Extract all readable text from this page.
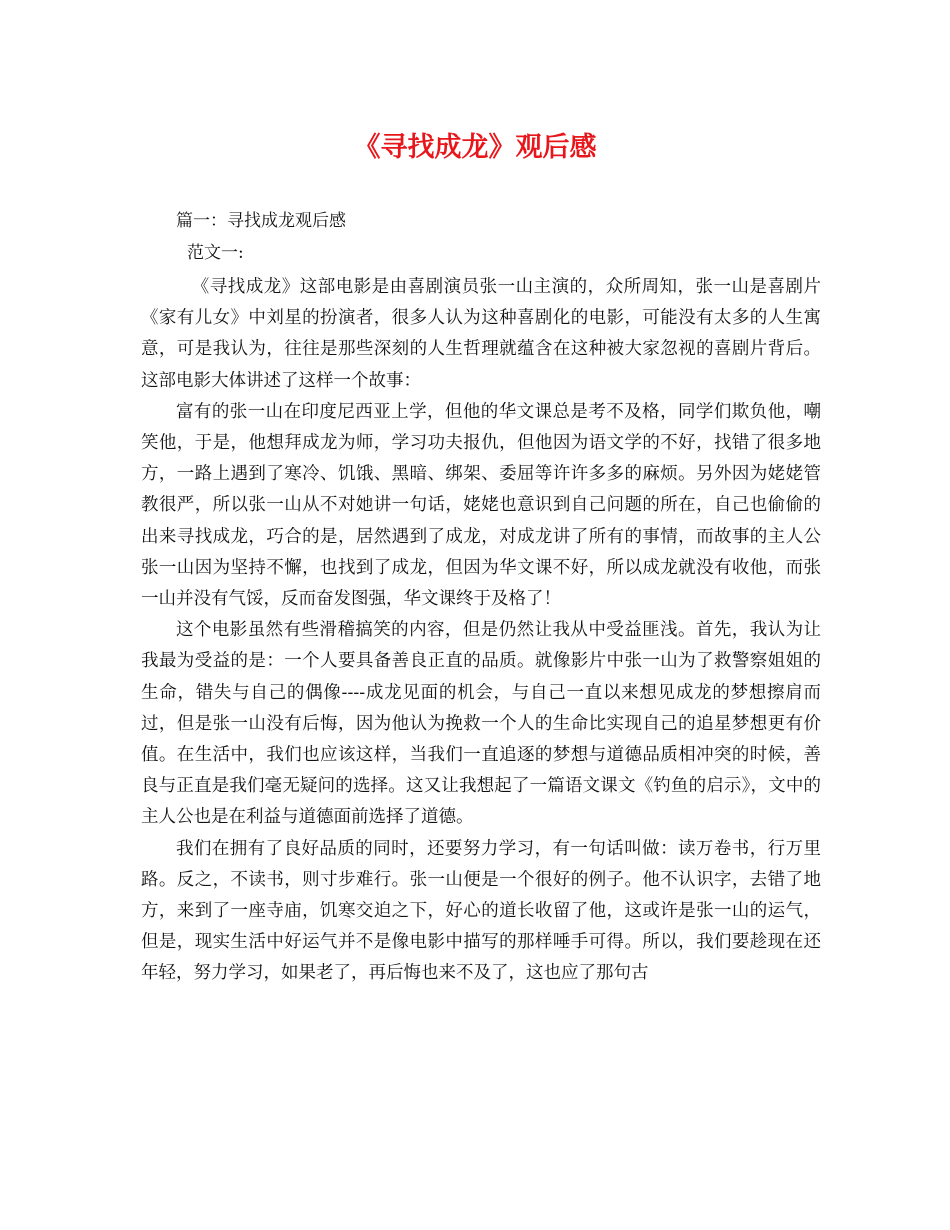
《寻找成龙》观后感
篇一：寻找成龙观后感
范文一:

《寻找成龙》这部电影是由喜剧演员张一山主演的，众所周知，张一山是喜剧片《家有儿女》中刘星的扮演者，很多人认为这种喜剧化的电影，可能没有太多的人生寓意，可是我认为，往往是那些深刻的人生哲理就蕴含在这种被大家忽视的喜剧片背后。这部电影大体讲述了这样一个故事：

富有的张一山在印度尼西亚上学，但他的华文课总是考不及格，同学们欺负他，嘲笑他，于是，他想拜成龙为师，学习功夫报仇，但他因为语文学的不好，找错了很多地方，一路上遇到了寒冷、饥饿、黑暗、绑架、委屈等许许多多的麻烦。另外因为姥姥管教很严，所以张一山从不对她讲一句话，姥姥也意识到自己问题的所在，自己也偷偷的出来寻找成龙，巧合的是，居然遇到了成龙，对成龙讲了所有的事情，而故事的主人公张一山因为坚持不懈，也找到了成龙，但因为华文课不好，所以成龙就没有收他，而张一山并没有气馁，反而奋发图强，华文课终于及格了！

这个电影虽然有些滑稽搞笑的内容，但是仍然让我从中受益匪浅。首先，我认为让我最为受益的是：一个人要具备善良正直的品质。就像影片中张一山为了救警察姐姐的生命，错失与自己的偶像----成龙见面的机会，与自己一直以来想见成龙的梦想擦肩而过，但是张一山没有后悔，因为他认为挽救一个人的生命比实现自己的追星梦想更有价值。在生活中，我们也应该这样，当我们一直追逐的梦想与道德品质相冲突的时候，善良与正直是我们毫无疑问的选择。这又让我想起了一篇语文课文《钓鱼的启示》，文中的主人公也是在利益与道德面前选择了道德。

我们在拥有了良好品质的同时，还要努力学习，有一句话叫做：读万卷书，行万里路。反之，不读书，则寸步难行。张一山便是一个很好的例子。他不认识字，去错了地方，来到了一座寺庙，饥寒交迫之下，好心的道长收留了他，这或许是张一山的运气，但是，现实生活中好运气并不是像电影中描写的那样唾手可得。所以，我们要趁现在还年轻，努力学习，如果老了，再后悔也来不及了，这也应了那句古
